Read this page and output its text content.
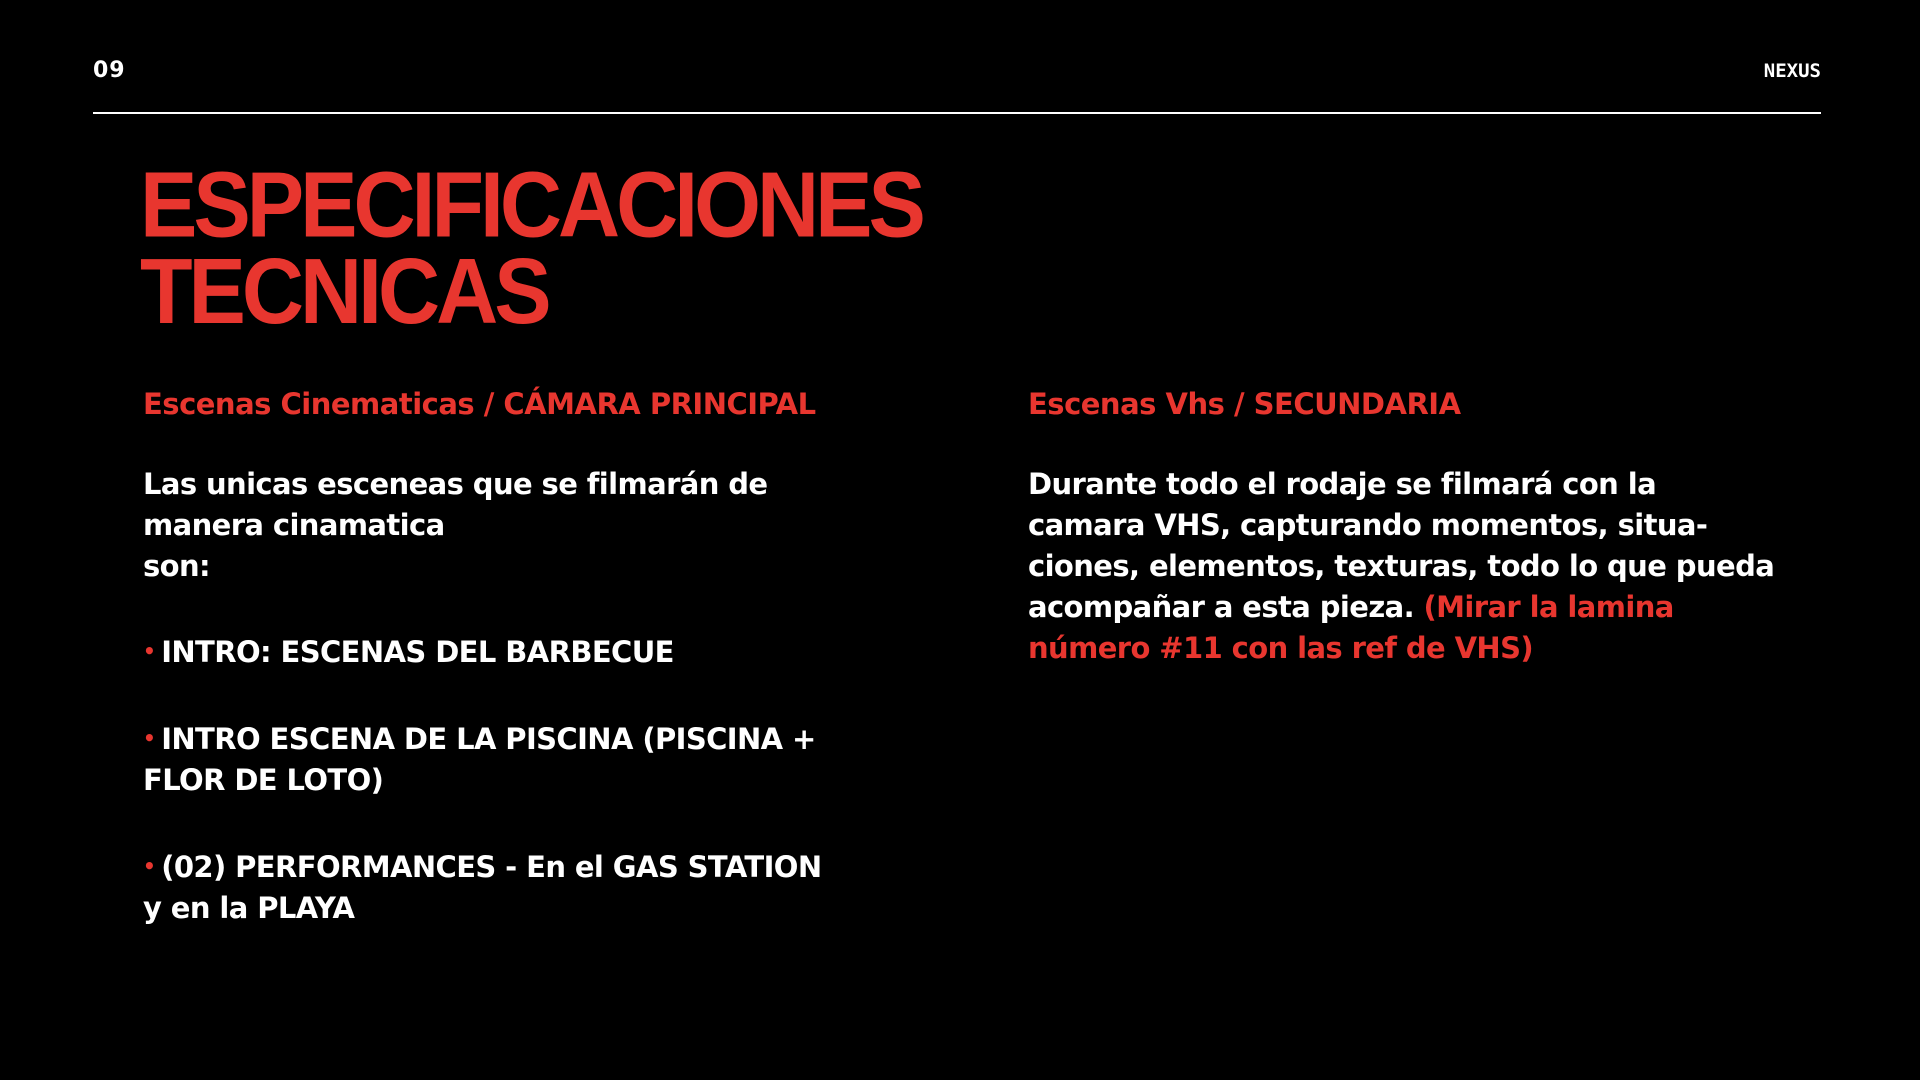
09	NEXUS
ESPECIFICACIONES
TECNICAS
Escenas Cinematicas / CÁMARA PRINCIPAL
Las unicas esceneas que se filmarán de
manera cinamatica
son:
• INTRO: ESCENAS DEL BARBECUE
• INTRO ESCENA DE LA PISCINA (PISCINA +
FLOR DE LOTO)
• (02) PERFORMANCES - En el GAS STATION
y en la PLAYA
Escenas Vhs / SECUNDARIA
Durante todo el rodaje se filmará con la
camara VHS, capturando momentos, situa-
ciones, elementos, texturas, todo lo que pueda
acompañar a esta pieza. (Mirar la lamina
número #11 con las ref de VHS)
